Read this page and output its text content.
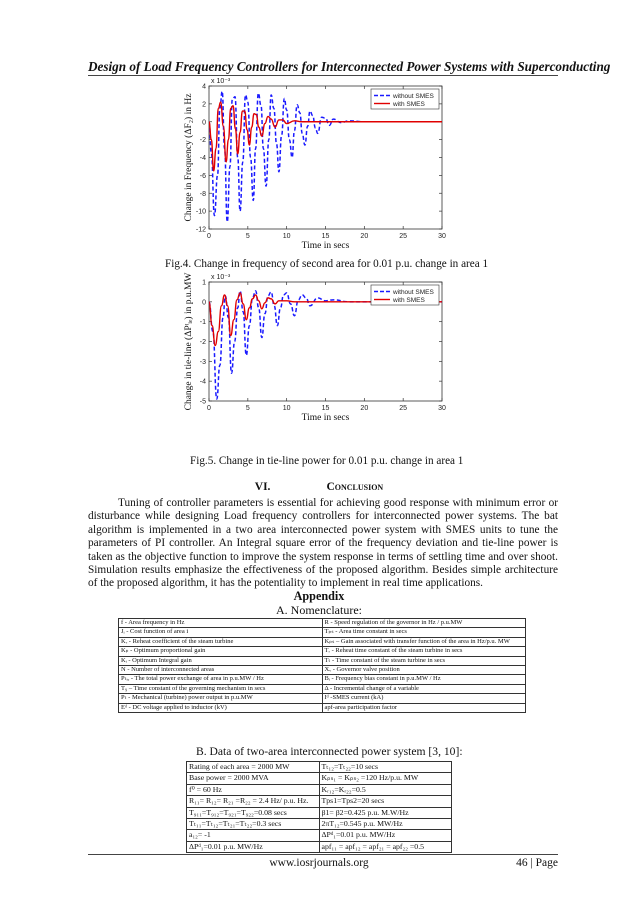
Design of Load Frequency Controllers for Interconnected Power Systems with Superconducting
0	5	10	15	20	25	30
-12
-10
-8
-6
-4
-2
0
2
4
x 10⁻³
Time in secs
Change in Frequency (ΔF₂) in Hz	without SMES
with SMES
Fig.4. Change in frequency of second area for 0.01 p.u. change in area 1
0	5	10	15	20	25	30
-5
-4
-3
-2
-1
0
1
x 10⁻³
Time in secs
Change in tie-line (ΔPᵗᵢₑ) in p.u.MW	without SMES
with SMES
Fig.5. Change in tie-line power for 0.01 p.u. change in area 1
VI.	Conclusion

Tuning of controller parameters is essential for achieving good response with minimum error or disturbance while designing Load frequency controllers for interconnected power systems. The bat algorithm is implemented in a two area interconnected power system with SMES units to tune the parameters of PI controller. An Integral square error of the frequency deviation and tie-line power is taken as the objective function to improve the system response in terms of settling time and over shoot. Simulation results emphasize the effectiveness of the proposed algorithm. Besides simple architecture of the proposed algorithm, it has the potentiality to implement in real time applications.

Appendix
A. Nomenclature:
f - Area frequency in Hz	R - Speed regulation of the governor in Hz / p.u.MW
Jᵢ - Cost function of area i	Tₚₛ - Area time constant in secs
Kᵣ - Reheat coefficient of the steam turbine	Kₚₛ – Gain associated with transfer function of the area in Hz/p.u. MW
Kₚ - Optimum proportional gain	Tᵣ - Reheat time constant of the steam turbine in secs
Kᵢ - Optimum Integral gain	Tₜ - Time constant of the steam turbine in secs
N - Number of interconnected areas	Xᵥ - Governor valve position
Pₜᵢₑ - The total power exchange of area in p.u.MW / Hz	Bᵢ - Frequency bias constant in p.u.MW / Hz
T₉ – Time constant of the governing mechanism in secs	Δ - Incremental change of a variable
Pₜ - Mechanical (turbine) power output in p.u.MW	Iᵈ -SMES current (kA)
Eᵈ - DC voltage applied to inductor (kV)	apf-area participation factor
B. Data of two-area interconnected power system [3, 10]:
Rating of each area = 2000 MW	Tₜ₁₂=Tₜ₂₂=10 secs
Base power = 2000 MVA	Kₚₛ₁ = Kₚₛ₂ =120 Hz/p.u. MW
f⁰ = 60 Hz	Kᵣ₁₂=Kᵣ₂₂=0.5
R₁₁= R₁₂= R₂₁ =R₂₂ = 2.4 Hz/ p.u. Hz.	Tps1=Tps2=20 secs
T₉₁₁=T₉₁₂=T₉₂₁=T₉₂₂=0.08 secs	β1= β2=0.425 p.u. M.W/Hz
Tₜ₁₁=Tₜ₁₂=Tₜ₂₁=Tₜ₂₂=0.3 secs	2πT₁₂=0.545 p.u. MW/Hz
a₁₂= -1	ΔPᵈ₁=0.01 p.u. MW/Hz
ΔPᵈ₁=0.01 p.u. MW/Hz	apf₁₁ = apf₁₂ = apf₂₁ = apf₂₂ =0.5
www.iosrjournals.org	46 | Page
